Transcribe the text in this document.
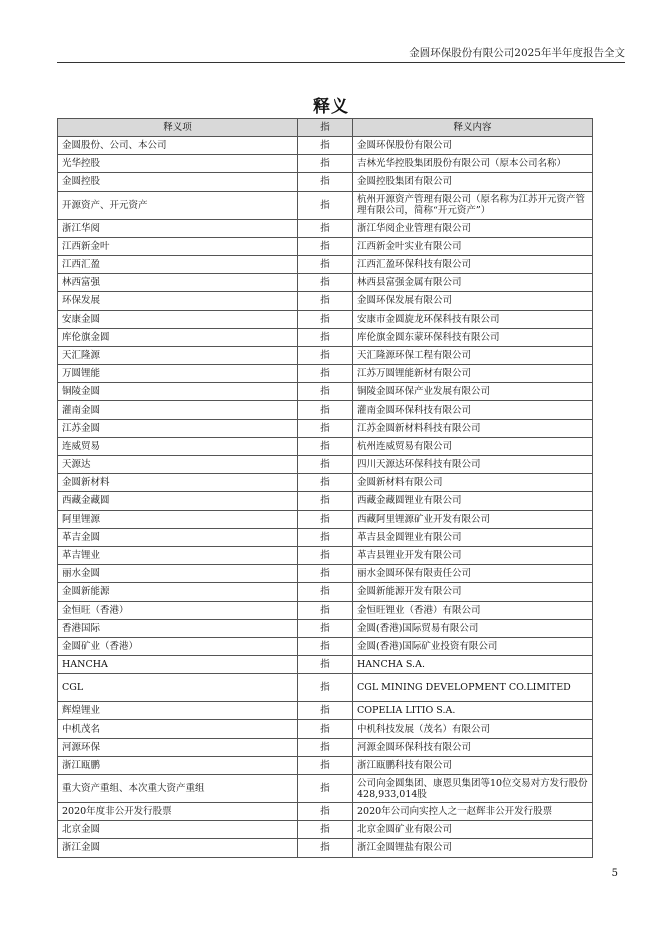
金圆环保股份有限公司2025年半年度报告全文
释义
释义项	指	释义内容
金圆股份、公司、本公司	指	金圆环保股份有限公司
光华控股	指	吉林光华控股集团股份有限公司（原本公司名称）
金圆控股	指	金圆控股集团有限公司
开源资产、开元资产	指	杭州开源资产管理有限公司（原名称为江苏开元资产管理有限公司，简称“开元资产”）
浙江华阅	指	浙江华阅企业管理有限公司
江西新金叶	指	江西新金叶实业有限公司
江西汇盈	指	江西汇盈环保科技有限公司
林西富强	指	林西县富强金属有限公司
环保发展	指	金圆环保发展有限公司
安康金圆	指	安康市金圆旋龙环保科技有限公司
库伦旗金圆	指	库伦旗金圆东蒙环保科技有限公司
天汇隆源	指	天汇隆源环保工程有限公司
万圆锂能	指	江苏万圆锂能新材有限公司
铜陵金圆	指	铜陵金圆环保产业发展有限公司
灌南金圆	指	灌南金圆环保科技有限公司
江苏金圆	指	江苏金圆新材料科技有限公司
连威贸易	指	杭州连威贸易有限公司
天源达	指	四川天源达环保科技有限公司
金圆新材料	指	金圆新材料有限公司
西藏金藏圆	指	西藏金藏圆锂业有限公司
阿里锂源	指	西藏阿里锂源矿业开发有限公司
革吉金圆	指	革吉县金圆锂业有限公司
革吉锂业	指	革吉县锂业开发有限公司
丽水金圆	指	丽水金圆环保有限责任公司
金圆新能源	指	金圆新能源开发有限公司
金恒旺（香港）	指	金恒旺锂业（香港）有限公司
香港国际	指	金圆(香港)国际贸易有限公司
金圆矿业（香港）	指	金圆(香港)国际矿业投资有限公司
HANCHA	指	HANCHA S.A.
CGL	指	CGL MINING DEVELOPMENT CO.LIMITED
辉煌锂业	指	COPELIA LITIO S.A.
中机茂名	指	中机科技发展（茂名）有限公司
河源环保	指	河源金圆环保科技有限公司
浙江瓯鹏	指	浙江瓯鹏科技有限公司
重大资产重组、本次重大资产重组	指	公司向金圆集团、康恩贝集团等10位交易对方发行股份428,933,014股
2020年度非公开发行股票	指	2020年公司向实控人之一赵辉非公开发行股票
北京金圆	指	北京金圆矿业有限公司
浙江金圆	指	浙江金圆锂盐有限公司
5
